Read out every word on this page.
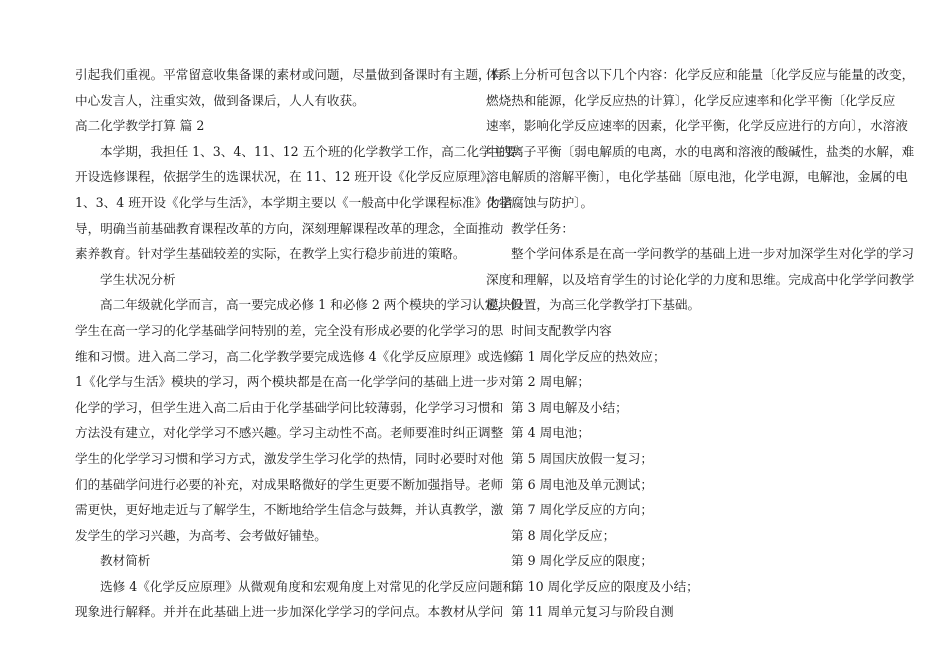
引起我们重视。平常留意收集备课的素材或问题，尽量做到备课时有主题，有
中心发言人，注重实效，做到备课后，人人有收获。
高二化学教学打算 篇 2
本学期，我担任 1、3、4、11、12 五个班的化学教学工作，高二化学主要
开设选修课程，依据学生的选课状况，在 11、12 班开设《化学反应原理》，
1、3、4 班开设《化学与生活》，本学期主要以《一般高中化学课程标准》为指
导，明确当前基础教育课程改革的方向，深刻理解课程改革的理念，全面推动
素养教育。针对学生基础较差的实际，在教学上实行稳步前进的策略。
学生状况分析
高二年级就化学而言，高一要完成必修 1 和必修 2 两个模块的学习认定，但
学生在高一学习的化学基础学问特别的差，完全没有形成必要的化学学习的思
维和习惯。进入高二学习，高二化学教学要完成选修 4《化学反应原理》或选修
1《化学与生活》模块的学习，两个模块都是在高一化学学问的基础上进一步对
化学的学习，但学生进入高二后由于化学基础学问比较薄弱，化学学习习惯和
方法没有建立，对化学学习不感兴趣。学习主动性不高。老师要准时纠正调整
学生的化学学习习惯和学习方式，激发学生学习化学的热情，同时必要时对他
们的基础学问进行必要的补充，对成果略微好的学生更要不断加强指导。老师
需更快，更好地走近与了解学生，不断地给学生信念与鼓舞，并认真教学，激
发学生的学习兴趣，为高考、会考做好铺垫。
教材简析
选修 4《化学反应原理》从微观角度和宏观角度上对常见的化学反应问题和
现象进行解释。并并在此基础上进一步加深化学学习的学问点。本教材从学问
体系上分析可包含以下几个内容：化学反应和能量〔化学反应与能量的改变，
燃烧热和能源，化学反应热的计算〕，化学反应速率和化学平衡〔化学反应
速率，影响化学反应速率的因素，化学平衡，化学反应进行的方向〕，水溶液
中的离子平衡〔弱电解质的电离，水的电离和溶液的酸碱性，盐类的水解，难
溶电解质的溶解平衡〕，电化学基础〔原电池，化学电源，电解池，金属的电
化学腐蚀与防护〕。
教学任务：
整个学问体系是在高一学问教学的基础上进一步对加深学生对化学的学习
深度和理解，以及培育学生的讨论化学的力度和思维。完成高中化学学问教学
模块设置，为高三化学教学打下基础。
时间支配教学内容
第 1 周化学反应的热效应；
第 2 周电解；
第 3 周电解及小结；
第 4 周电池；
第 5 周国庆放假一复习；
第 6 周电池及单元测试；
第 7 周化学反应的方向；
第 8 周化学反应；
第 9 周化学反应的限度；
第 10 周化学反应的限度及小结；
第 11 周单元复习与阶段自测
